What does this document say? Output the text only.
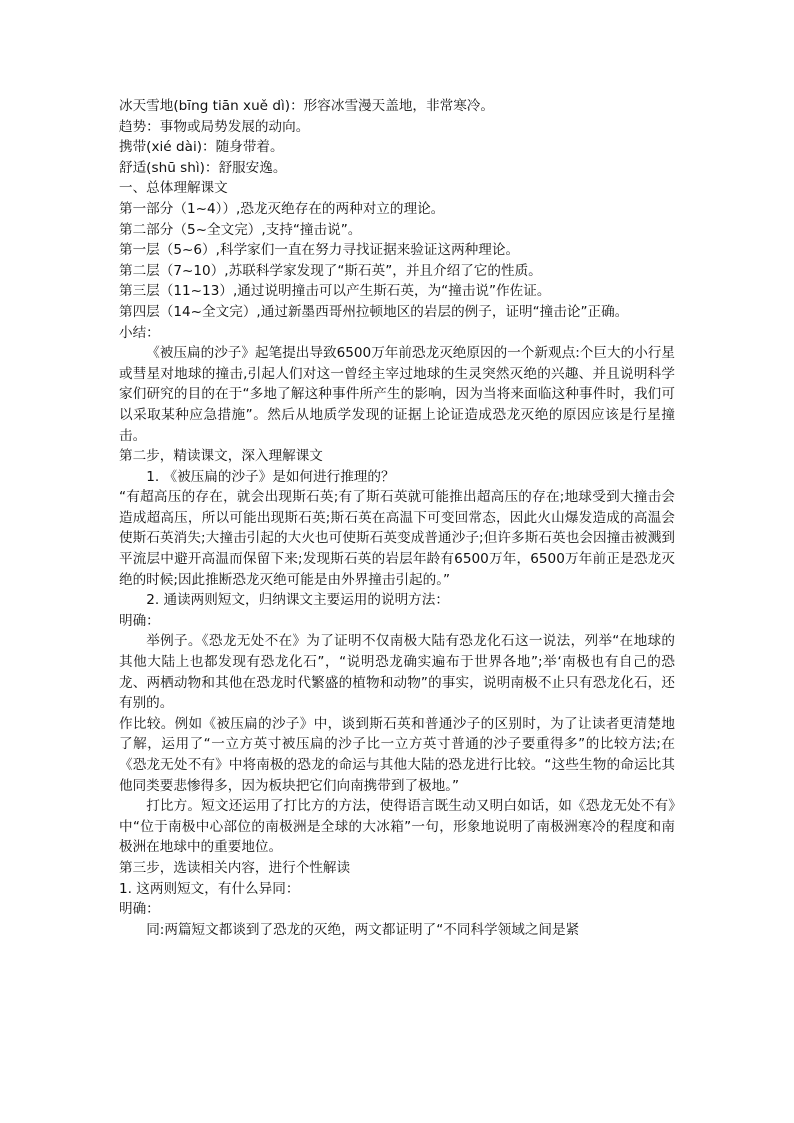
冰天雪地(bīng tiān xuě dì)：形容冰雪漫天盖地，非常寒冷。
趋势：事物或局势发展的动向。
携带(xié dài)：随身带着。
舒适(shū shì)：舒服安逸。
一、总体理解课文
第一部分（1~4））,恐龙灭绝存在的两种对立的理论。
第二部分（5~全文完）,支持“撞击说”。
第一层（5~6）,科学家们一直在努力寻找证据来验证这两种理论。
第二层（7~10）,苏联科学家发现了“斯石英”，并且介绍了它的性质。
第三层（11~13）,通过说明撞击可以产生斯石英，为“撞击说”作佐证。
第四层（14~全文完）,通过新墨西哥州拉顿地区的岩层的例子，证明“撞击论”正确。
小结：
《被压扁的沙子》起笔提出导致6500万年前恐龙灭绝原因的一个新观点:个巨大的小行星或彗星对地球的撞击,引起人们对这一曾经主宰过地球的生灵突然灭绝的兴趣、并且说明科学家们研究的目的在于“多地了解这种事件所产生的影响，因为当将来面临这种事件时，我们可以采取某种应急措施”。然后从地质学发现的证据上论证造成恐龙灭绝的原因应该是行星撞击。
第二步，精读课文，深入理解课文
1. 《被压扁的沙子》是如何进行推理的？
“有超高压的存在，就会出现斯石英;有了斯石英就可能推出超高压的存在;地球受到大撞击会造成超高压，所以可能出现斯石英;斯石英在高温下可变回常态，因此火山爆发造成的高温会使斯石英消失;大撞击引起的大火也可使斯石英变成普通沙子;但许多斯石英也会因撞击被溅到平流层中避开高温而保留下来;发现斯石英的岩层年龄有6500万年，6500万年前正是恐龙灭绝的时候;因此推断恐龙灭绝可能是由外界撞击引起的。”
2. 通读两则短文，归纳课文主要运用的说明方法：
明确：
举例子。《恐龙无处不在》为了证明不仅南极大陆有恐龙化石这一说法，列举“在地球的其他大陆上也都发现有恐龙化石”，“说明恐龙确实遍布于世界各地”;举‘南极也有自己的恐龙、两栖动物和其他在恐龙时代繁盛的植物和动物”的事实，说明南极不止只有恐龙化石，还有别的。
作比较。例如《被压扁的沙子》中，谈到斯石英和普通沙子的区别时，为了让读者更清楚地了解，运用了“一立方英寸被压扁的沙子比一立方英寸普通的沙子要重得多”的比较方法;在《恐龙无处不有》中将南极的恐龙的命运与其他大陆的恐龙进行比较。“这些生物的命运比其他同类要悲惨得多，因为板块把它们向南携带到了极地。”
打比方。短文还运用了打比方的方法，使得语言既生动又明白如话，如《恐龙无处不有》中“位于南极中心部位的南极洲是全球的大冰箱”一句，形象地说明了南极洲寒冷的程度和南极洲在地球中的重要地位。
第三步，选读相关内容，进行个性解读
1. 这两则短文，有什么异同：
明确：
同:两篇短文都谈到了恐龙的灭绝，两文都证明了“不同科学领域之间是紧
